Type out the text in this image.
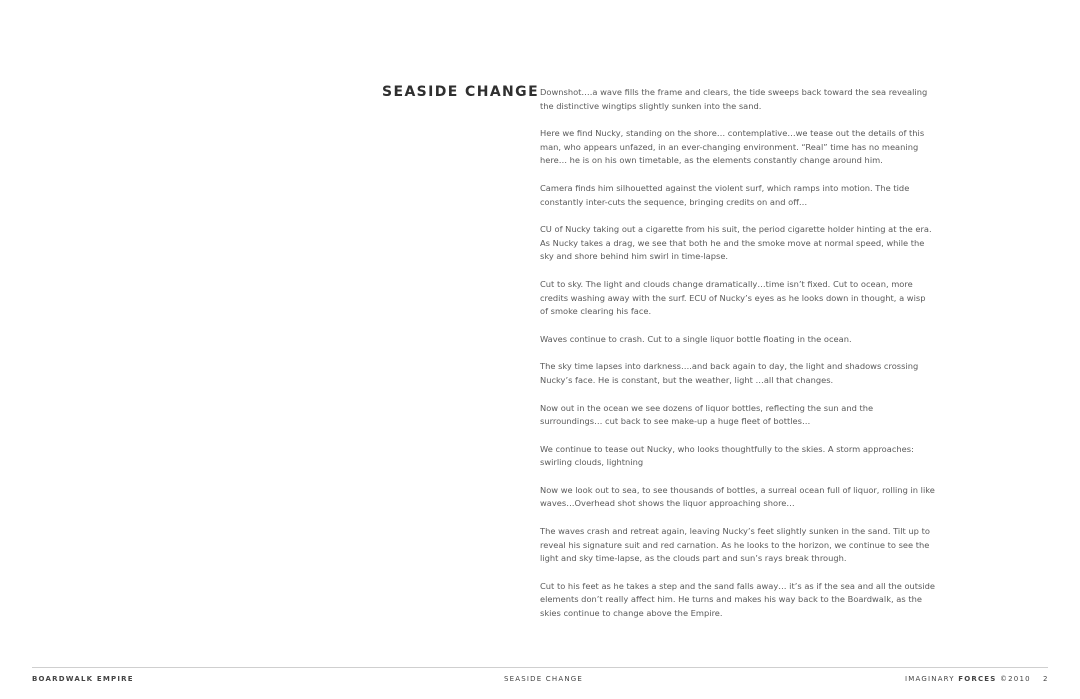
SEASIDE CHANGE Downshot….a wave fills the frame and clears, the tide sweeps back toward the sea revealing the distinctive wingtips slightly sunken into the sand.

Here we find Nucky, standing on the shore… contemplative…we tease out the details of this man, who appears unfazed, in an ever-changing environment. “Real” time has no meaning here… he is on his own timetable, as the elements constantly change around him.

Camera finds him silhouetted against the violent surf, which ramps into motion. The tide constantly inter-cuts the sequence, bringing credits on and off…

CU of Nucky taking out a cigarette from his suit, the period cigarette holder hinting at the era. As Nucky takes a drag, we see that both he and the smoke move at normal speed, while the sky and shore behind him swirl in time-lapse.

Cut to sky. The light and clouds change dramatically…time isn’t fixed. Cut to ocean, more credits washing away with the surf. ECU of Nucky’s eyes as he looks down in thought, a wisp of smoke clearing his face.

Waves continue to crash. Cut to a single liquor bottle floating in the ocean.

The sky time lapses into darkness….and back again to day, the light and shadows crossing Nucky’s face. He is constant, but the weather, light …all that changes.

Now out in the ocean we see dozens of liquor bottles, reflecting the sun and the surroundings… cut back to see make-up a huge fleet of bottles…

We continue to tease out Nucky, who looks thoughtfully to the skies. A storm approaches: swirling clouds, lightning

Now we look out to sea, to see thousands of bottles, a surreal ocean full of liquor, rolling in like waves…Overhead shot shows the liquor approaching shore…

The waves crash and retreat again, leaving Nucky’s feet slightly sunken in the sand. Tilt up to reveal his signature suit and red carnation. As he looks to the horizon, we continue to see the light and sky time-lapse, as the clouds part and sun’s rays break through.

Cut to his feet as he takes a step and the sand falls away… it’s as if the sea and all the outside elements don’t really affect him. He turns and makes his way back to the Boardwalk, as the skies continue to change above the Empire.

BOARDWALK EMPIRE	SEASIDE CHANGE	IMAGINARY FORCES ©2010 2
